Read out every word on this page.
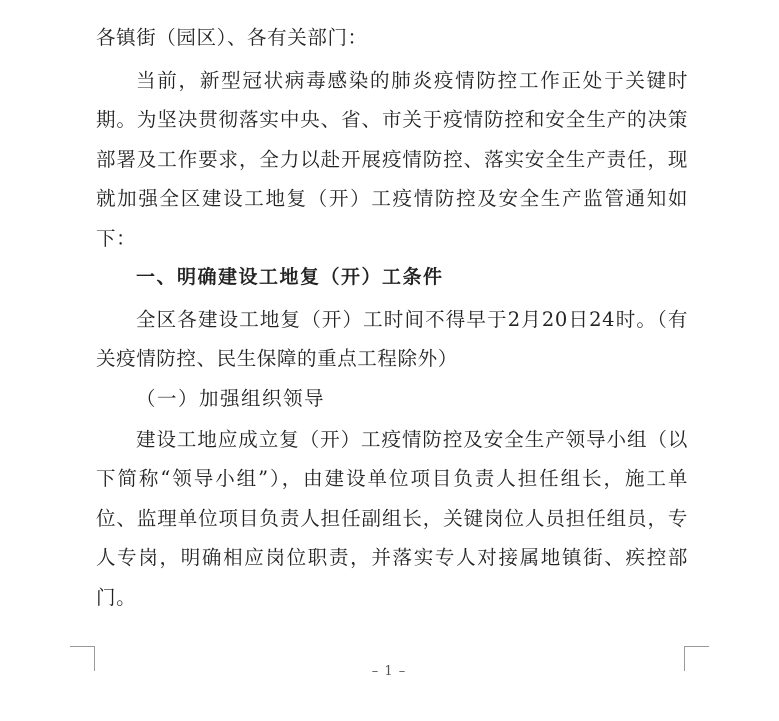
各镇街（园区）、各有关部门：

当前，新型冠状病毒感染的肺炎疫情防控工作正处于关键时期。为坚决贯彻落实中央、省、市关于疫情防控和安全生产的决策部署及工作要求，全力以赴开展疫情防控、落实安全生产责任，现就加强全区建设工地复（开）工疫情防控及安全生产监管通知如下：

一、明确建设工地复（开）工条件

全区各建设工地复（开）工时间不得早于2月20日24时。（有关疫情防控、民生保障的重点工程除外）

（一）加强组织领导

建设工地应成立复（开）工疫情防控及安全生产领导小组（以下简称“领导小组”），由建设单位项目负责人担任组长，施工单位、监理单位项目负责人担任副组长，关键岗位人员担任组员，专人专岗，明确相应岗位职责，并落实专人对接属地镇街、疾控部门。

– 1 –
